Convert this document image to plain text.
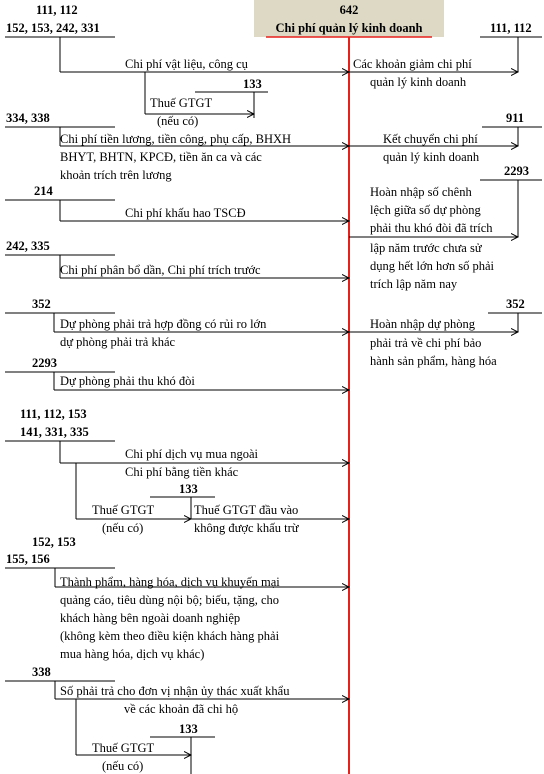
642
Chi phí quản lý kinh doanh
111, 112
152, 153, 242, 331	111, 112
133
334, 338	911
214
2293
242, 335
352	352
2293
111, 112, 153
141, 331, 335
133
152, 153
155, 156
338
133
Chi phí vật liệu, công cụ
Thuế GTGT
(nếu có)
Chi phí tiền lương, tiền công, phụ cấp, BHXH
BHYT, BHTN, KPCĐ, tiền ăn ca và các
khoản trích trên lương
Chi phí khấu hao TSCĐ
Chi phí phân bổ dần, Chi phí trích trước
Dự phòng phải trả hợp đồng có rủi ro lớn
dự phòng phải trả khác
Dự phòng phải thu khó đòi
Chi phí dịch vụ mua ngoài
Chi phí bằng tiền khác
Thuế GTGT
(nếu có)
Thuế GTGT đầu vào
không được khấu trừ
Thành phẩm, hàng hóa, dịch vụ khuyến mại
quảng cáo, tiêu dùng nội bộ; biếu, tặng, cho
khách hàng bên ngoài doanh nghiệp
(không kèm theo điều kiện khách hàng phải
mua hàng hóa, dịch vụ khác)
Số phải trả cho đơn vị nhận ủy thác xuất khẩu
về các khoản đã chi hộ
Thuế GTGT
(nếu có)
Các khoản giảm chi phí
quản lý kinh doanh
Kết chuyển chi phí
quản lý kinh doanh
Hoàn nhập số chênh
lệch giữa số dự phòng
phải thu khó đòi đã trích
lập năm trước chưa sử
dụng hết lớn hơn số phải
trích lập năm nay
Hoàn nhập dự phòng
phải trả về chi phí bảo
hành sản phẩm, hàng hóa
